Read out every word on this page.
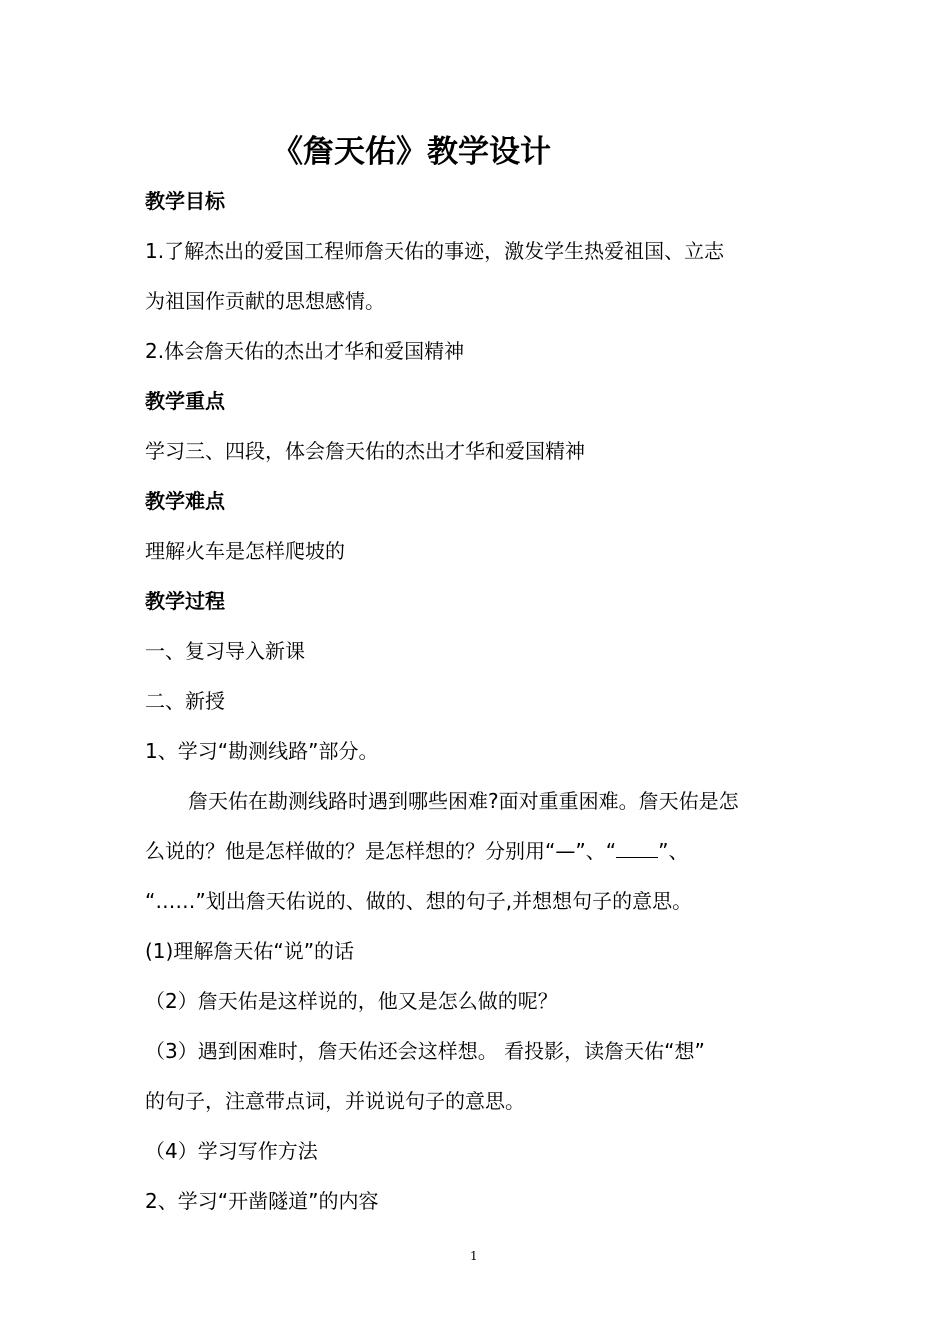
《詹天佑》教学设计
教学目标
1.了解杰出的爱国工程师詹天佑的事迹，激发学生热爱祖国、立志
为祖国作贡献的思想感情。
2.体会詹天佑的杰出才华和爱国精神
教学重点
学习三、四段，体会詹天佑的杰出才华和爱国精神
教学难点
理解火车是怎样爬坡的
教学过程
一、复习导入新课
二、新授
1、学习“勘测线路”部分。
詹天佑在勘测线路时遇到哪些困难?面对重重困难。詹天佑是怎
么说的？他是怎样做的？是怎样想的？分别用“—”、“ ”、
“……”划出詹天佑说的、做的、想的句子,并想想句子的意思。
(1)理解詹天佑“说”的话
（2）詹天佑是这样说的，他又是怎么做的呢？
（3）遇到困难时，詹天佑还会这样想。 看投影，读詹天佑“想”
的句子，注意带点词，并说说句子的意思。
（4）学习写作方法
2、学习“开凿隧道”的内容
1
